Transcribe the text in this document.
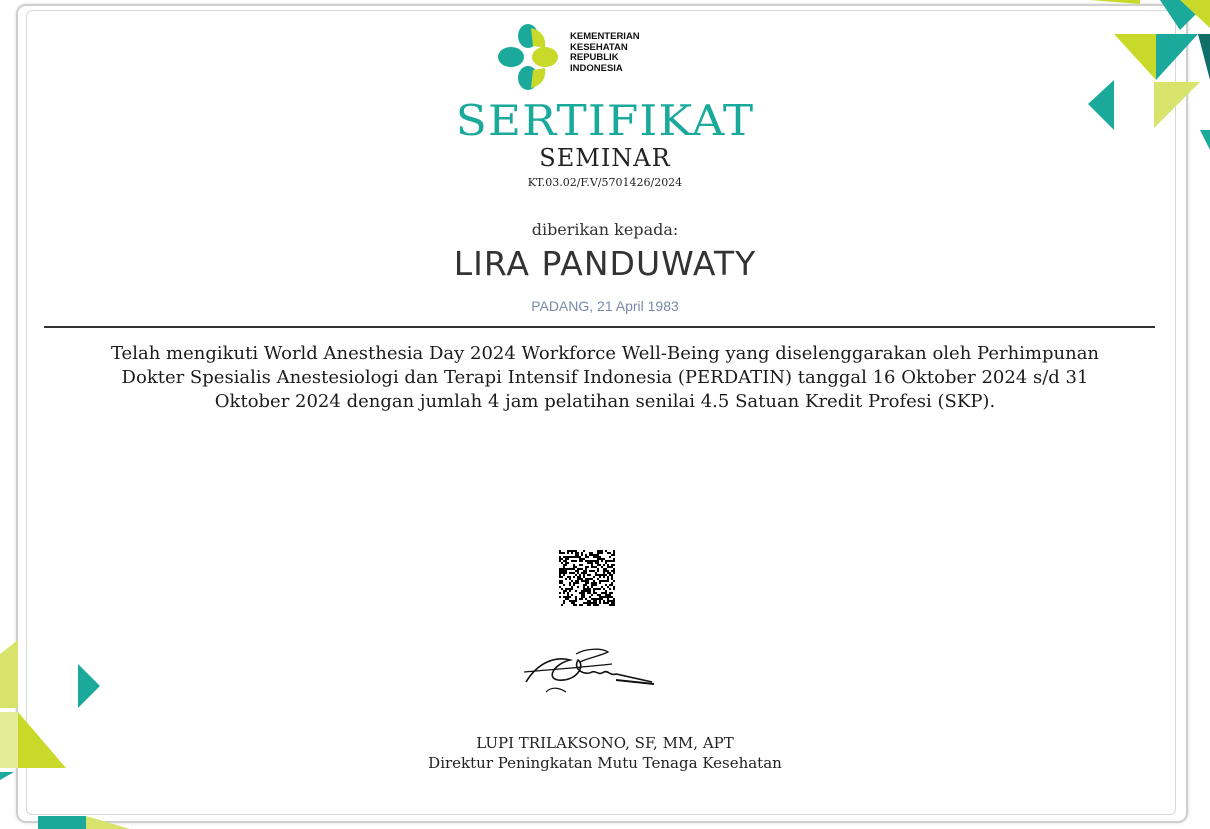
KEMENTERIAN
KESEHATAN
REPUBLIK
INDONESIA
SERTIFIKAT
SEMINAR
KT.03.02/F.V/5701426/2024
diberikan kepada:
LIRA PANDUWATY
PADANG, 21 April 1983
Telah mengikuti World Anesthesia Day 2024 Workforce Well-Being yang diselenggarakan oleh Perhimpunan Dokter Spesialis Anestesiologi dan Terapi Intensif Indonesia (PERDATIN) tanggal 16 Oktober 2024 s/d 31 Oktober 2024 dengan jumlah 4 jam pelatihan senilai 4.5 Satuan Kredit Profesi (SKP).
LUPI TRILAKSONO, SF, MM, APT
Direktur Peningkatan Mutu Tenaga Kesehatan
